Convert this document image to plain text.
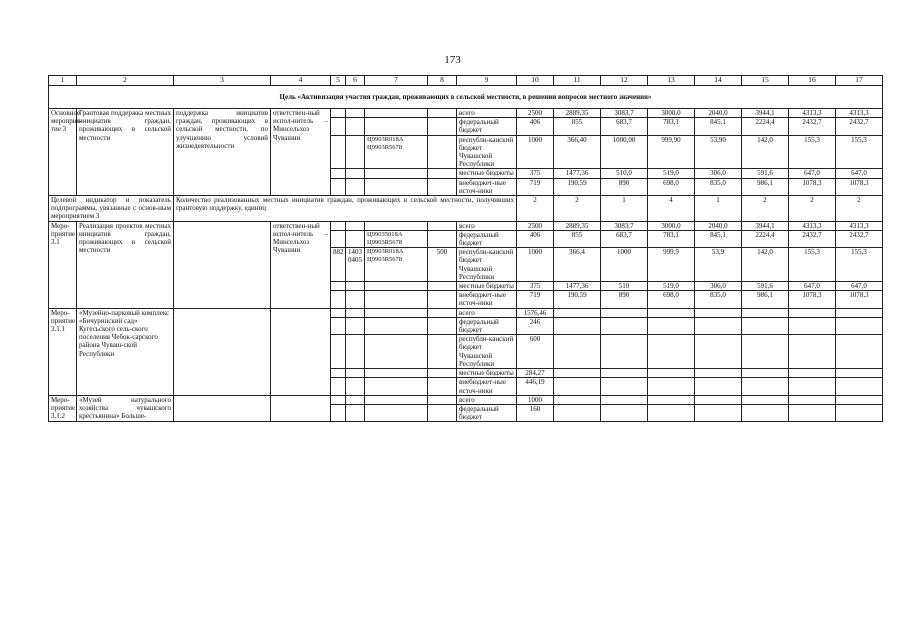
173
1	2	3	4	5	6	7	8	9	10	11	12	13	14	15	16	17
Цель «Активизация участия граждан, проживающих в сельской местности, в решении вопросов местного значения»																
Основное мероприя-тие 3	Грантовая поддержка местных инициатив граждан, проживающих в сельской местности	поддержка инициатив граждан, проживающих в сельской местности, по улучшению условий жизнедеятельности	ответствен-ный испол-нитель – Минсельхоз Чувашии					всего	2500	2889,35	3083,7	3000,0	2040,0	3944,1	4313,3	4313,3
								федеральный бюджет	406	855	683,7	783,1	845,1	2224,4	2432,7	2432,7
						Ц9903R018A Ц9903R5678		республи-канский бюджет Чувашской Республики	1000	366,40	1000,00	999,90	53,90	142,0	155,3	155,3
								местные бюджеты	375	1477,36	510,0	519,0	306,0	591,6	647,0	647,0
								внебюджет-ные источ-ники	719	190,59	890	698,0	835,0	986,1	1078,3	1078,3
Целевой индикатор и показатель подпрограммы, увязанные с основ-ным мероприятием 3		Количество реализованных местных инициатив граждан, проживающих в сельской местности, получивших грантовую поддержку, единиц							2	2	1	4	1	2	2	2
Меро-приятие 3.1	Реализация проектов местных инициатив граждан, проживающих в сельской местности		ответствен-ный испол-нитель – Минсельхоз Чувашии					всего	2500	2889,35	3083,7	3000,0	2040,0	3944,1	4313,3	4313,3
						Ц99035018A Ц9903R5678		федеральный бюджет	406	855	683,7	783,1	845,1	2224,4	2432,7	2432,7
				882	1403 0405	Ц9903R018A Ц9903R5678	500	республи-канский бюджет Чувашской Республики	1000	366,4	1000	999,9	53,9	142,0	155,3	155,3
								местные бюджеты	375	1477,36	510	519,0	306,0	591,6	647,0	647,0
								внебюджет-ные источ-ники	719	190,59	890	698,0	835,0	986,1	1078,3	1078,3
Меро-приятие 3.1.1	«Музейно-парковый комплекс «Бичуринский сад» Кугесьского сель-ского поселения Чебок-сарского района Чуваш-ской Республики							всего	1576,46							
								федеральный бюджет	246							
								республи-канский бюджет Чувашской Республики	600							
								местные бюджеты	284,27							
								внебюджет-ные источ-ники	446,19							
Меро-приятие 3.1.2	«Музей натурального хозяйства чувашского крестьянина» Больше-							всего	1000							
								федеральный бюджет	160							
